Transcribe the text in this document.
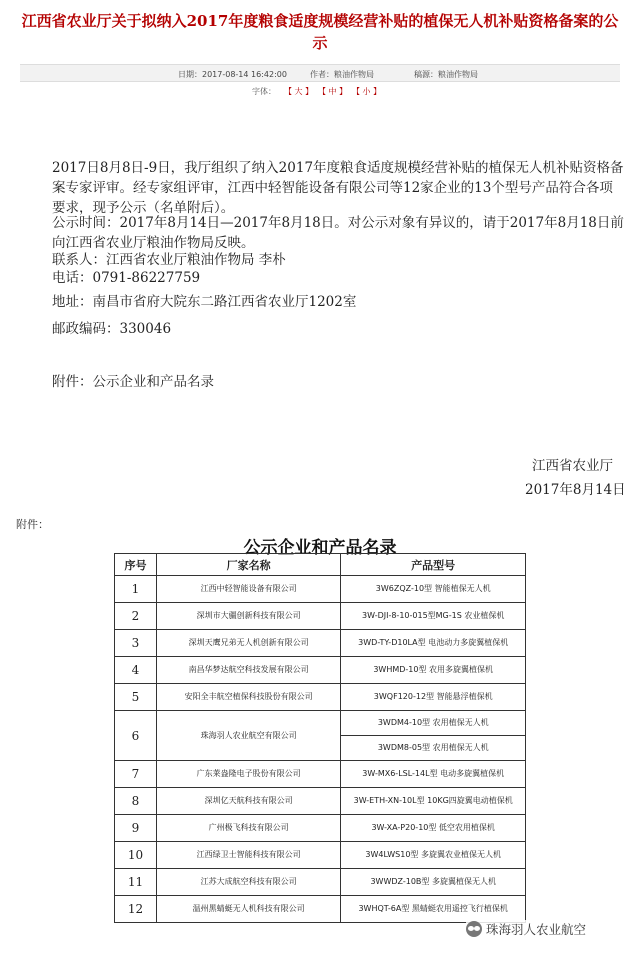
江西省农业厅关于拟纳入2017年度粮食适度规模经营补贴的植保无人机补贴资格备案的公示
日期：2017-08-14 16:42:00	作者：粮油作物局	稿源：粮油作物局
字体： 【 大 】 【 中 】 【 小 】
2017日8月8日-9日，我厅组织了纳入2017年度粮食适度规模经营补贴的植保无人机补贴资格备案专家评审。经专家组评审，江西中轻智能设备有限公司等12家企业的13个型号产品符合各项要求，现予公示（名单附后）。
公示时间：2017年8月14日—2017年8月18日。对公示对象有异议的，请于2017年8月18日前向江西省农业厅粮油作物局反映。
联系人：江西省农业厅粮油作物局 李朴
电话：0791-86227759
地址：南昌市省府大院东二路江西省农业厅1202室
邮政编码：330046
附件：公示企业和产品名录
江西省农业厅
2017年8月14日
附件：
公示企业和产品名录
序号	厂家名称	产品型号
1	江西中轻智能设备有限公司	3W6ZQZ-10型 智能植保无人机
2	深圳市大疆创新科技有限公司	3W-DJI-8-10-015型MG-1S 农业植保机
3	深圳天鹰兄弟无人机创新有限公司	3WD-TY-D10LA型 电池动力多旋翼植保机
4	南昌华梦达航空科技发展有限公司	3WHMD-10型 农用多旋翼植保机
5	安阳全丰航空植保科技股份有限公司	3WQF120-12型 智能悬浮植保机
6	珠海羽人农业航空有限公司	3WDM4-10型 农用植保无人机
		3WDM8-05型 农用植保无人机
7	广东莱盎隆电子股份有限公司	3W-MX6-LSL-14L型 电动多旋翼植保机
8	深圳亿天航科技有限公司	3W-ETH-XN-10L型 10KG四旋翼电动植保机
9	广州极飞科技有限公司	3W-XA-P20-10型 低空农用植保机
10	江西绿卫士智能科技有限公司	3W4LWS10型 多旋翼农业植保无人机
11	江苏大成航空科技有限公司	3WWDZ-10B型 多旋翼植保无人机
12	温州黑蜻蜓无人机科技有限公司	3WHQT-6A型 黑蜻蜓农用遥控飞行植保机
珠海羽人农业航空
